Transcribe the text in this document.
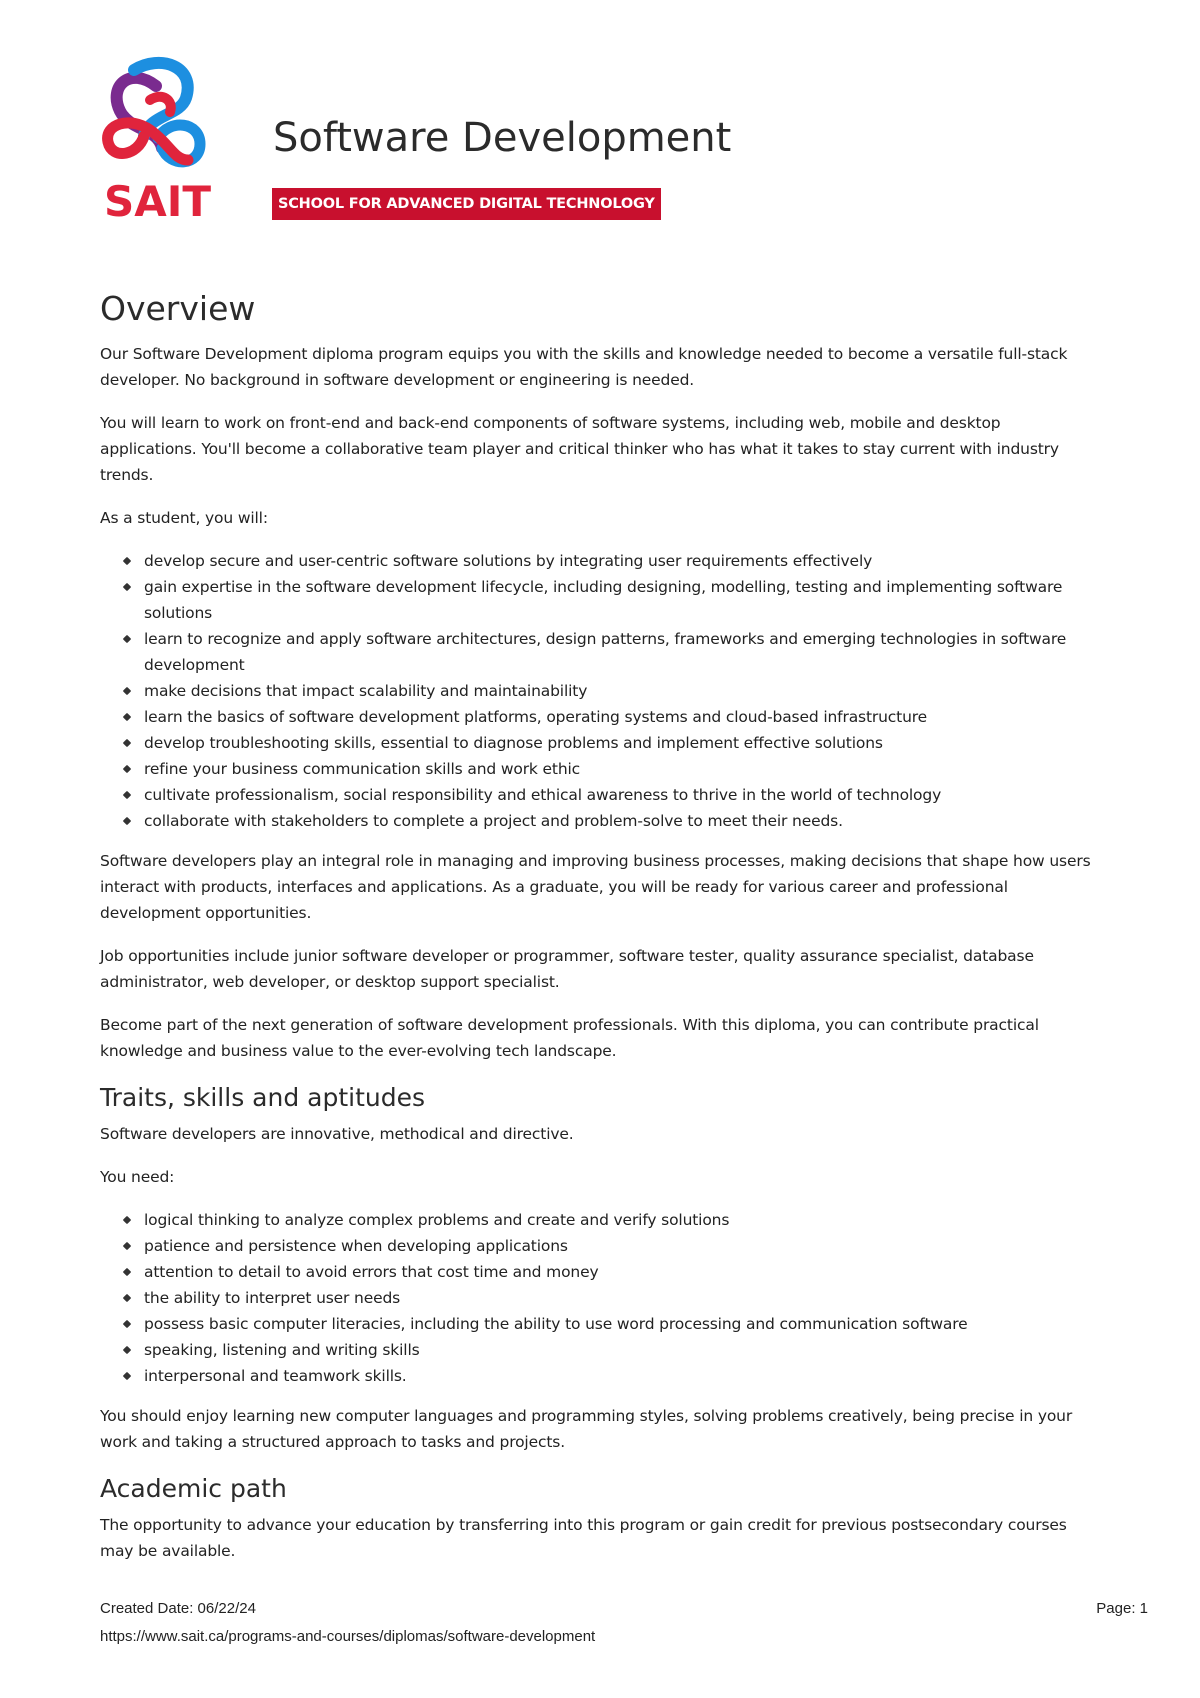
SAIT
Software Development
SCHOOL FOR ADVANCED DIGITAL TECHNOLOGY
Overview

Our Software Development diploma program equips you with the skills and knowledge needed to become a versatile full-stack developer. No background in software development or engineering is needed.

You will learn to work on front-end and back-end components of software systems, including web, mobile and desktop applications. You'll become a collaborative team player and critical thinker who has what it takes to stay current with industry trends.

As a student, you will:

develop secure and user-centric software solutions by integrating user requirements effectively
gain expertise in the software development lifecycle, including designing, modelling, testing and implementing software solutions
learn to recognize and apply software architectures, design patterns, frameworks and emerging technologies in software development
make decisions that impact scalability and maintainability
learn the basics of software development platforms, operating systems and cloud-based infrastructure
develop troubleshooting skills, essential to diagnose problems and implement effective solutions
refine your business communication skills and work ethic
cultivate professionalism, social responsibility and ethical awareness to thrive in the world of technology
collaborate with stakeholders to complete a project and problem-solve to meet their needs.

Software developers play an integral role in managing and improving business processes, making decisions that shape how users interact with products, interfaces and applications. As a graduate, you will be ready for various career and professional development opportunities.

Job opportunities include junior software developer or programmer, software tester, quality assurance specialist, database administrator, web developer, or desktop support specialist.

Become part of the next generation of software development professionals. With this diploma, you can contribute practical knowledge and business value to the ever-evolving tech landscape.

Traits, skills and aptitudes

Software developers are innovative, methodical and directive.

You need:

logical thinking to analyze complex problems and create and verify solutions
patience and persistence when developing applications
attention to detail to avoid errors that cost time and money
the ability to interpret user needs
possess basic computer literacies, including the ability to use word processing and communication software
speaking, listening and writing skills
interpersonal and teamwork skills.

You should enjoy learning new computer languages and programming styles, solving problems creatively, being precise in your work and taking a structured approach to tasks and projects.

Academic path

The opportunity to advance your education by transferring into this program or gain credit for previous postsecondary courses may be available.

Created Date: 06/22/24	Page: 1
https://www.sait.ca/programs-and-courses/diplomas/software-development
